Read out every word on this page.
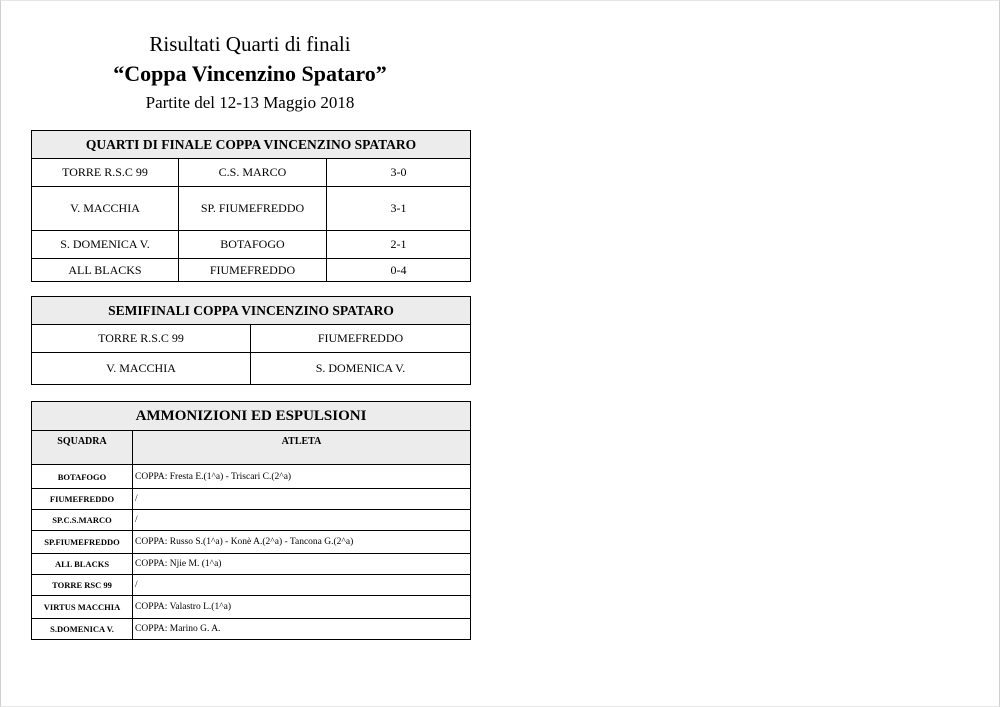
Risultati Quarti di finali
“Coppa Vincenzino Spataro”
Partite del 12-13 Maggio 2018
QUARTI DI FINALE COPPA VINCENZINO SPATARO		
TORRE R.S.C 99	C.S. MARCO	3-0
V. MACCHIA	SP. FIUMEFREDDO	3-1
S. DOMENICA V.	BOTAFOGO	2-1
ALL BLACKS	FIUMEFREDDO	0-4
SEMIFINALI COPPA VINCENZINO SPATARO	
TORRE R.S.C 99	FIUMEFREDDO
V. MACCHIA	S. DOMENICA V.
AMMONIZIONI ED ESPULSIONI	
SQUADRA	ATLETA
BOTAFOGO	COPPA: Fresta E.(1^a) - Triscari C.(2^a)
FIUMEFREDDO	/
SP.C.S.MARCO	/
SP.FIUMEFREDDO	COPPA: Russo S.(1^a) - Konè A.(2^a) - Tancona G.(2^a)
ALL BLACKS	COPPA: Njie M. (1^a)
TORRE RSC 99	/
VIRTUS MACCHIA	COPPA: Valastro L.(1^a)
S.DOMENICA V.	COPPA: Marino G. A.
